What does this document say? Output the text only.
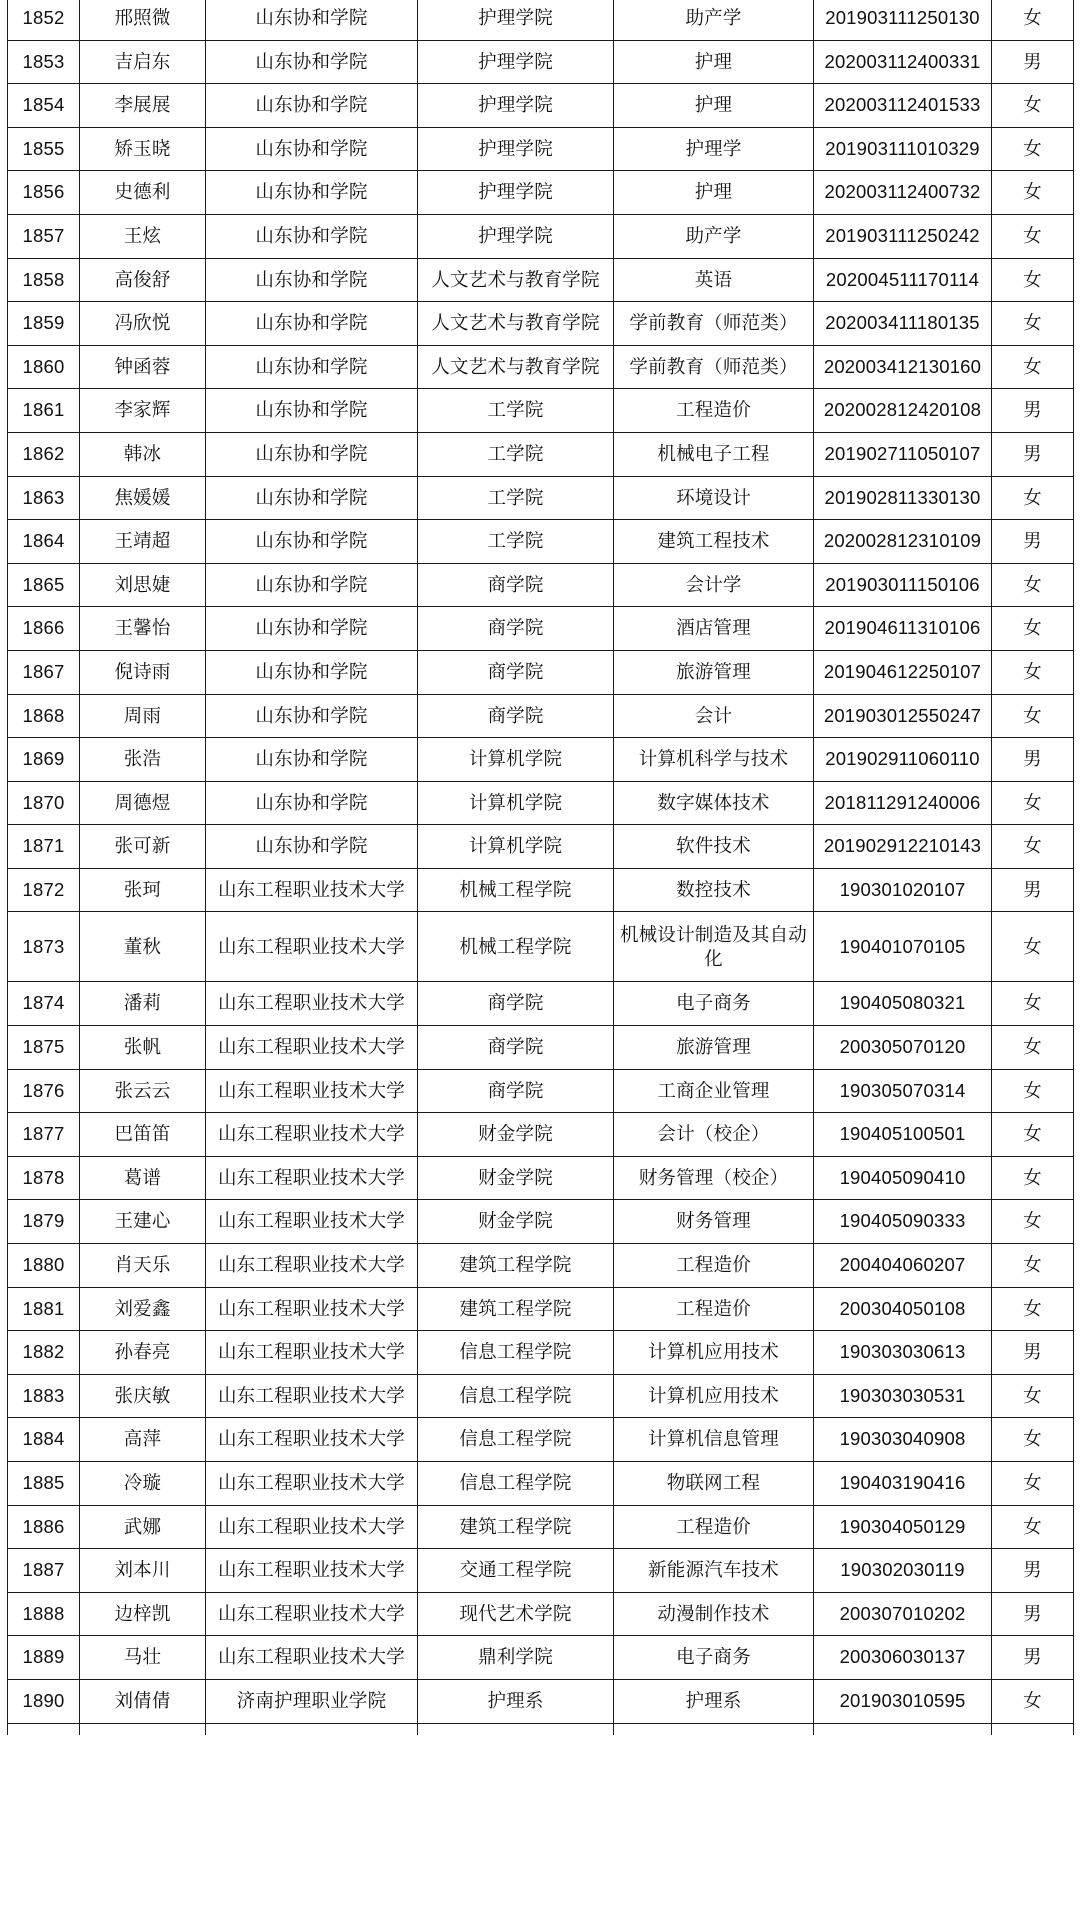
1852	邢照微	山东协和学院	护理学院	助产学	201903111250130	女
1853	吉启东	山东协和学院	护理学院	护理	202003112400331	男
1854	李展展	山东协和学院	护理学院	护理	202003112401533	女
1855	矫玉晓	山东协和学院	护理学院	护理学	201903111010329	女
1856	史德利	山东协和学院	护理学院	护理	202003112400732	女
1857	王炫	山东协和学院	护理学院	助产学	201903111250242	女
1858	高俊舒	山东协和学院	人文艺术与教育学院	英语	202004511170114	女
1859	冯欣悦	山东协和学院	人文艺术与教育学院	学前教育（师范类）	202003411180135	女
1860	钟函蓉	山东协和学院	人文艺术与教育学院	学前教育（师范类）	202003412130160	女
1861	李家辉	山东协和学院	工学院	工程造价	202002812420108	男
1862	韩冰	山东协和学院	工学院	机械电子工程	201902711050107	男
1863	焦媛媛	山东协和学院	工学院	环境设计	201902811330130	女
1864	王靖超	山东协和学院	工学院	建筑工程技术	202002812310109	男
1865	刘思婕	山东协和学院	商学院	会计学	201903011150106	女
1866	王馨怡	山东协和学院	商学院	酒店管理	201904611310106	女
1867	倪诗雨	山东协和学院	商学院	旅游管理	201904612250107	女
1868	周雨	山东协和学院	商学院	会计	201903012550247	女
1869	张浩	山东协和学院	计算机学院	计算机科学与技术	201902911060110	男
1870	周德煜	山东协和学院	计算机学院	数字媒体技术	201811291240006	女
1871	张可新	山东协和学院	计算机学院	软件技术	201902912210143	女
1872	张珂	山东工程职业技术大学	机械工程学院	数控技术	190301020107	男
1873	董秋	山东工程职业技术大学	机械工程学院	机械设计制造及其自动化	190401070105	女
1874	潘莉	山东工程职业技术大学	商学院	电子商务	190405080321	女
1875	张帆	山东工程职业技术大学	商学院	旅游管理	200305070120	女
1876	张云云	山东工程职业技术大学	商学院	工商企业管理	190305070314	女
1877	巴笛笛	山东工程职业技术大学	财金学院	会计（校企）	190405100501	女
1878	葛谱	山东工程职业技术大学	财金学院	财务管理（校企）	190405090410	女
1879	王建心	山东工程职业技术大学	财金学院	财务管理	190405090333	女
1880	肖天乐	山东工程职业技术大学	建筑工程学院	工程造价	200404060207	女
1881	刘爱鑫	山东工程职业技术大学	建筑工程学院	工程造价	200304050108	女
1882	孙春亮	山东工程职业技术大学	信息工程学院	计算机应用技术	190303030613	男
1883	张庆敏	山东工程职业技术大学	信息工程学院	计算机应用技术	190303030531	女
1884	高萍	山东工程职业技术大学	信息工程学院	计算机信息管理	190303040908	女
1885	冷璇	山东工程职业技术大学	信息工程学院	物联网工程	190403190416	女
1886	武娜	山东工程职业技术大学	建筑工程学院	工程造价	190304050129	女
1887	刘本川	山东工程职业技术大学	交通工程学院	新能源汽车技术	190302030119	男
1888	边梓凯	山东工程职业技术大学	现代艺术学院	动漫制作技术	200307010202	男
1889	马壮	山东工程职业技术大学	鼎利学院	电子商务	200306030137	男
1890	刘倩倩	济南护理职业学院	护理系	护理系	201903010595	女
